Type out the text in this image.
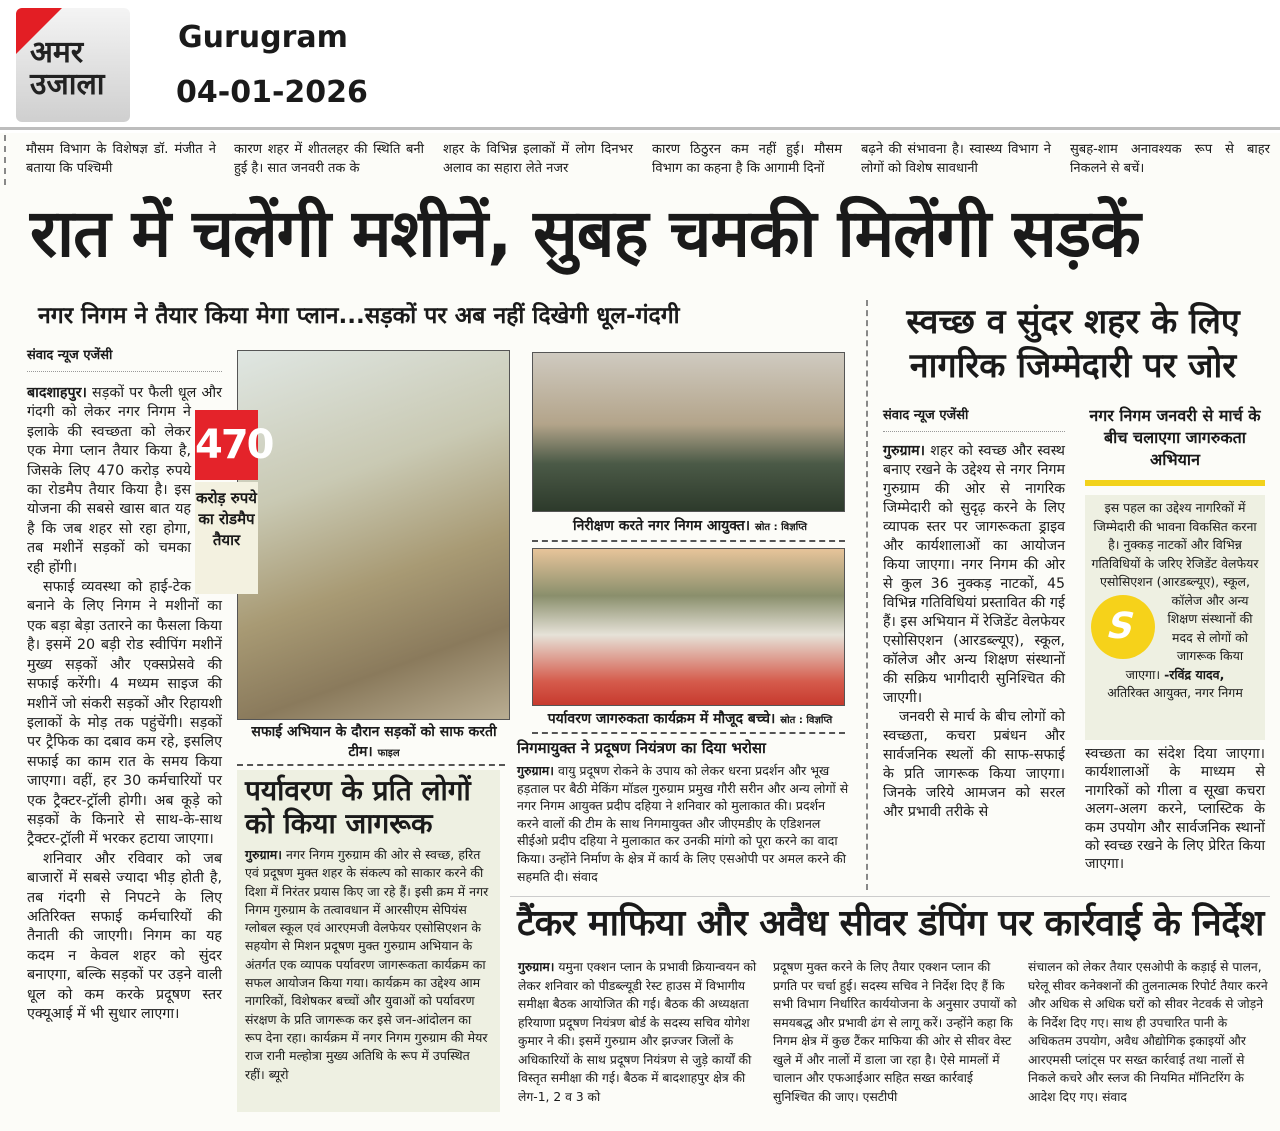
अमर
उजाला
Gurugram
04-01-2026
मौसम विभाग के विशेषज्ञ डॉ. मंजीत ने बताया कि पश्चिमी
कारण शहर में शीतलहर की स्थिति बनी हुई है। सात जनवरी तक के
शहर के विभिन्न इलाकों में लोग दिनभर अलाव का सहारा लेते नजर
कारण ठिठुरन कम नहीं हुई। मौसम विभाग का कहना है कि आगामी दिनों
बढ़ने की संभावना है। स्वास्थ्य विभाग ने लोगों को विशेष सावधानी
सुबह-शाम अनावश्यक रूप से बाहर निकलने से बचें।
रात में चलेंगी मशीनें, सुबह चमकी मिलेंगी सड़कें
नगर निगम ने तैयार किया मेगा प्लान...सड़कों पर अब नहीं दिखेगी धूल-गंदगी	स्वच्छ व सुंदर शहर के लिए नागरिक जिम्मेदारी पर जोर
संवाद न्यूज एजेंसी
470
करोड़ रुपये का रोडमैप तैयार

बादशाहपुर। सड़कों पर फैली धूल और गंदगी को लेकर नगर निगम ने इलाके की स्वच्छता को लेकर एक मेगा प्लान तैयार किया है, जिसके लिए 470 करोड़ रुपये का रोडमैप तैयार किया है। इस योजना की सबसे खास बात यह है कि जब शहर सो रहा होगा, तब मशीनें सड़कों को चमका रही होंगी।

सफाई व्यवस्था को हाई-टेक बनाने के लिए निगम ने मशीनों का एक बड़ा बेड़ा उतारने का फैसला किया है। इसमें 20 बड़ी रोड स्वीपिंग मशीनें मुख्य सड़कों और एक्सप्रेसवे की सफाई करेंगी। 4 मध्यम साइज की मशीनें जो संकरी सड़कों और रिहायशी इलाकों के मोड़ तक पहुंचेंगी। सड़कों पर ट्रैफिक का दबाव कम रहे, इसलिए सफाई का काम रात के समय किया जाएगा। वहीं, हर 30 कर्मचारियों पर एक ट्रैक्टर-ट्रॉली होगी। अब कूड़े को सड़कों के किनारे से साथ-के-साथ ट्रैक्टर-ट्रॉली में भरकर हटाया जाएगा।

शनिवार और रविवार को जब बाजारों में सबसे ज्यादा भीड़ होती है, तब गंदगी से निपटने के लिए अतिरिक्त सफाई कर्मचारियों की तैनाती की जाएगी। निगम का यह कदम न केवल शहर को सुंदर बनाएगा, बल्कि सड़कों पर उड़ने वाली धूल को कम करके प्रदूषण स्तर एक्यूआई में भी सुधार लाएगा।

सफाई अभियान के दौरान सड़कों को साफ करती टीम। फाइल
पर्यावरण के प्रति लोगों को किया जागरूक
गुरुग्राम। नगर निगम गुरुग्राम की ओर से स्वच्छ, हरित एवं प्रदूषण मुक्त शहर के संकल्प को साकार करने की दिशा में निरंतर प्रयास किए जा रहे हैं। इसी क्रम में नगर निगम गुरुग्राम के तत्वावधान में आरसीएम सेपियंस ग्लोबल स्कूल एवं आरएमजी वेलफेयर एसोसिएशन के सहयोग से मिशन प्रदूषण मुक्त गुरुग्राम अभियान के अंतर्गत एक व्यापक पर्यावरण जागरूकता कार्यक्रम का सफल आयोजन किया गया। कार्यक्रम का उद्देश्य आम नागरिकों, विशेषकर बच्चों और युवाओं को पर्यावरण संरक्षण के प्रति जागरूक कर इसे जन-आंदोलन का रूप देना रहा। कार्यक्रम में नगर निगम गुरुग्राम की मेयर राज रानी मल्होत्रा मुख्य अतिथि के रूप में उपस्थित रहीं। ब्यूरो
निरीक्षण करते नगर निगम आयुक्त। स्रोत : विज्ञप्ति
पर्यावरण जागरुकता कार्यक्रम में मौजूद बच्चे। स्रोत : विज्ञप्ति
निगमायुक्त ने प्रदूषण नियंत्रण का दिया भरोसा
गुरुग्राम। वायु प्रदूषण रोकने के उपाय को लेकर धरना प्रदर्शन और भूख हड़ताल पर बैठी मेकिंग मॉडल गुरुग्राम प्रमुख गौरी सरीन और अन्य लोगों से नगर निगम आयुक्त प्रदीप दहिया ने शनिवार को मुलाकात की। प्रदर्शन करने वालों की टीम के साथ निगमायुक्त और जीएमडीए के एडिशनल सीईओ प्रदीप दहिया ने मुलाकात कर उनकी मांगो को पूरा करने का वादा किया। उन्होंने निर्माण के क्षेत्र में कार्य के लिए एसओपी पर अमल करने की सहमति दी। संवाद
संवाद न्यूज एजेंसी

गुरुग्राम। शहर को स्वच्छ और स्वस्थ बनाए रखने के उद्देश्य से नगर निगम गुरुग्राम की ओर से नागरिक जिम्मेदारी को सुदृढ़ करने के लिए व्यापक स्तर पर जागरूकता ड्राइव और कार्यशालाओं का आयोजन किया जाएगा। नगर निगम की ओर से कुल 36 नुक्कड़ नाटकों, 45 विभिन्न गतिविधियां प्रस्तावित की गई हैं। इस अभियान में रेजिडेंट वेलफेयर एसोसिएशन (आरडब्ल्यूए), स्कूल, कॉलेज और अन्य शिक्षण संस्थानों की सक्रिय भागीदारी सुनिश्चित की जाएगी।

जनवरी से मार्च के बीच लोगों को स्वच्छता, कचरा प्रबंधन और सार्वजनिक स्थलों की साफ-सफाई के प्रति जागरूक किया जाएगा। जिनके जरिये आमजन को सरल और प्रभावी तरीके से

नगर निगम जनवरी से मार्च के बीच चलाएगा जागरुकता अभियान
S
इस पहल का उद्देश्य नागरिकों में जिम्मेदारी की भावना विकसित करना है। नुक्कड़ नाटकों और विभिन्न गतिविधियों के जरिए रेजिडेंट वेलफेयर एसोसिएशन (आरडब्ल्यूए), स्कूल, कॉलेज और अन्य शिक्षण संस्थानों की मदद से लोगों को जागरूक किया जाएगा। -रविंद्र यादव,
अतिरिक्त आयुक्त, नगर निगम
स्वच्छता का संदेश दिया जाएगा। कार्यशालाओं के माध्यम से नागरिकों को गीला व सूखा कचरा अलग-अलग करने, प्लास्टिक के कम उपयोग और सार्वजनिक स्थानों को स्वच्छ रखने के लिए प्रेरित किया जाएगा।
टैंकर माफिया और अवैध सीवर डंपिंग पर कार्रवाई के निर्देश
गुरुग्राम। यमुना एक्शन प्लान के प्रभावी क्रियान्वयन को लेकर शनिवार को पीडब्ल्यूडी रेस्ट हाउस में विभागीय समीक्षा बैठक आयोजित की गई। बैठक की अध्यक्षता हरियाणा प्रदूषण नियंत्रण बोर्ड के सदस्य सचिव योगेश कुमार ने की। इसमें गुरुग्राम और झज्जर जिलों के अधिकारियों के साथ प्रदूषण नियंत्रण से जुड़े कार्यों की विस्तृत समीक्षा की गई। बैठक में बादशाहपुर क्षेत्र की लेग-1, 2 व 3 को
प्रदूषण मुक्त करने के लिए तैयार एक्शन प्लान की प्रगति पर चर्चा हुई। सदस्य सचिव ने निर्देश दिए हैं कि सभी विभाग निर्धारित कार्ययोजना के अनुसार उपायों को समयबद्ध और प्रभावी ढंग से लागू करें। उन्होंने कहा कि निगम क्षेत्र में कुछ टैंकर माफिया की ओर से सीवर वेस्ट खुले में और नालों में डाला जा रहा है। ऐसे मामलों में चालान और एफआईआर सहित सख्त कार्रवाई सुनिश्चित की जाए। एसटीपी
संचालन को लेकर तैयार एसओपी के कड़ाई से पालन, घरेलू सीवर कनेक्शनों की तुलनात्मक रिपोर्ट तैयार करने और अधिक से अधिक घरों को सीवर नेटवर्क से जोड़ने के निर्देश दिए गए। साथ ही उपचारित पानी के अधिकतम उपयोग, अवैध औद्योगिक इकाइयों और आरएमसी प्लांट्स पर सख्त कार्रवाई तथा नालों से निकले कचरे और स्लज की नियमित मॉनिटरिंग के आदेश दिए गए। संवाद
